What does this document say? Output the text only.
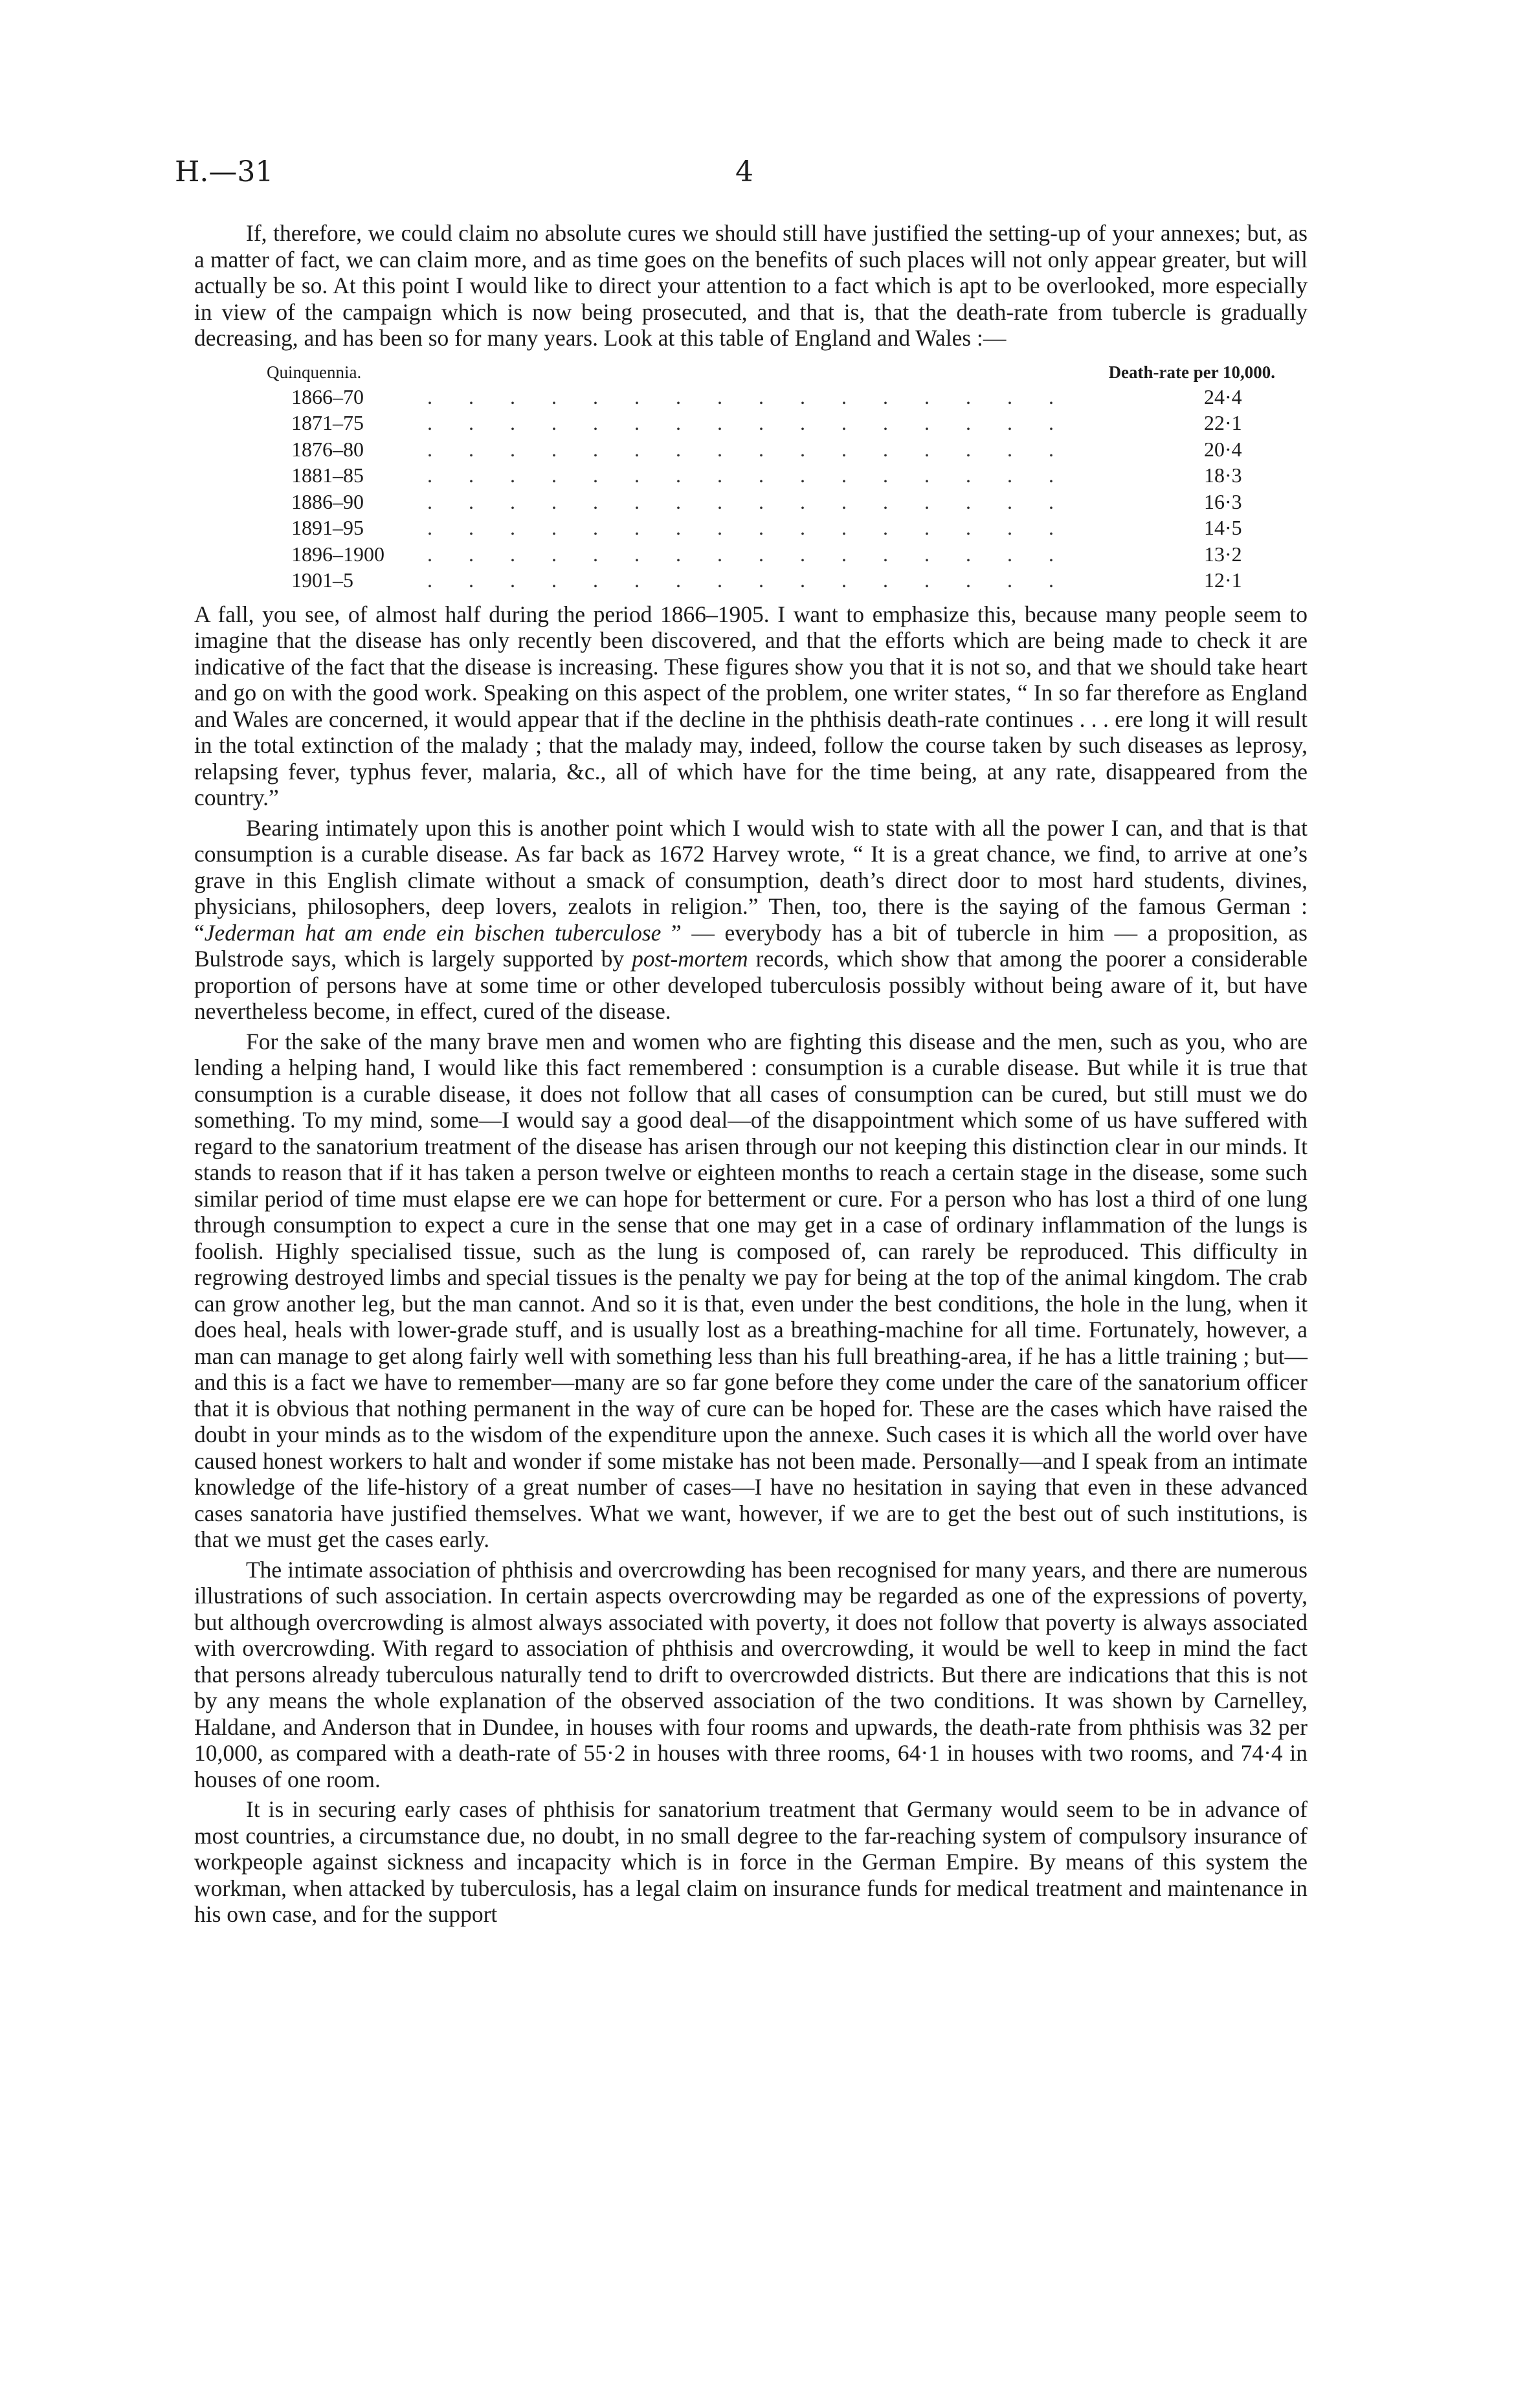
H.—31	4

If, therefore, we could claim no absolute cures we should still have justified the setting-up of your annexes; but, as a matter of fact, we can claim more, and as time goes on the benefits of such places will not only appear greater, but will actually be so. At this point I would like to direct your attention to a fact which is apt to be overlooked, more especially in view of the campaign which is now being prosecuted, and that is, that the death-rate from tubercle is gradually decreasing, and has been so for many years. Look at this table of England and Wales :—

Quinquennia.	Death-rate per 10,000.
1866–70	. . . . . . . . . . . . . . . .	24·4
1871–75	. . . . . . . . . . . . . . . .	22·1
1876–80	. . . . . . . . . . . . . . . .	20·4
1881–85	. . . . . . . . . . . . . . . .	18·3
1886–90	. . . . . . . . . . . . . . . .	16·3
1891–95	. . . . . . . . . . . . . . . .	14·5
1896–1900 . . . . . . . . . . . . . . . .	13·2
1901–5	. . . . . . . . . . . . . . . .	12·1

A fall, you see, of almost half during the period 1866–1905. I want to emphasize this, because many people seem to imagine that the disease has only recently been discovered, and that the efforts which are being made to check it are indicative of the fact that the disease is increasing. These figures show you that it is not so, and that we should take heart and go on with the good work. Speaking on this aspect of the problem, one writer states, “ In so far therefore as England and Wales are concerned, it would appear that if the decline in the phthisis death-rate continues . . . ere long it will result in the total extinction of the malady ; that the malady may, indeed, follow the course taken by such diseases as leprosy, relapsing fever, typhus fever, malaria, &c., all of which have for the time being, at any rate, disappeared from the country.”

Bearing intimately upon this is another point which I would wish to state with all the power I can, and that is that consumption is a curable disease. As far back as 1672 Harvey wrote, “ It is a great chance, we find, to arrive at one’s grave in this English climate without a smack of consumption, death’s direct door to most hard students, divines, physicians, philosophers, deep lovers, zealots in religion.” Then, too, there is the saying of the famous German : “Jederman hat am ende ein bischen tuberculose ” — everybody has a bit of tubercle in him — a proposition, as Bulstrode says, which is largely supported by post-mortem records, which show that among the poorer a considerable proportion of persons have at some time or other developed tuberculosis possibly without being aware of it, but have nevertheless become, in effect, cured of the disease.

For the sake of the many brave men and women who are fighting this disease and the men, such as you, who are lending a helping hand, I would like this fact remembered : consumption is a curable disease. But while it is true that consumption is a curable disease, it does not follow that all cases of consumption can be cured, but still must we do something. To my mind, some—I would say a good deal—of the disappointment which some of us have suffered with regard to the sanatorium treatment of the disease has arisen through our not keeping this distinction clear in our minds. It stands to reason that if it has taken a person twelve or eighteen months to reach a certain stage in the disease, some such similar period of time must elapse ere we can hope for betterment or cure. For a person who has lost a third of one lung through consumption to expect a cure in the sense that one may get in a case of ordinary inflammation of the lungs is foolish. Highly specialised tissue, such as the lung is composed of, can rarely be reproduced. This difficulty in regrowing destroyed limbs and special tissues is the penalty we pay for being at the top of the animal kingdom. The crab can grow another leg, but the man cannot. And so it is that, even under the best conditions, the hole in the lung, when it does heal, heals with lower-grade stuff, and is usually lost as a breathing-machine for all time. Fortunately, however, a man can manage to get along fairly well with something less than his full breathing-area, if he has a little training ; but—and this is a fact we have to remember—many are so far gone before they come under the care of the sanatorium officer that it is obvious that nothing permanent in the way of cure can be hoped for. These are the cases which have raised the doubt in your minds as to the wisdom of the expenditure upon the annexe. Such cases it is which all the world over have caused honest workers to halt and wonder if some mistake has not been made. Personally—and I speak from an intimate knowledge of the life-history of a great number of cases—I have no hesitation in saying that even in these advanced cases sanatoria have justified themselves. What we want, however, if we are to get the best out of such institutions, is that we must get the cases early.

The intimate association of phthisis and overcrowding has been recognised for many years, and there are numerous illustrations of such association. In certain aspects overcrowding may be regarded as one of the expressions of poverty, but although overcrowding is almost always associated with poverty, it does not follow that poverty is always associated with overcrowding. With regard to association of phthisis and overcrowding, it would be well to keep in mind the fact that persons already tuberculous naturally tend to drift to overcrowded districts. But there are indications that this is not by any means the whole explanation of the observed association of the two conditions. It was shown by Carnelley, Haldane, and Anderson that in Dundee, in houses with four rooms and upwards, the death-rate from phthisis was 32 per 10,000, as compared with a death-rate of 55·2 in houses with three rooms, 64·1 in houses with two rooms, and 74·4 in houses of one room.

It is in securing early cases of phthisis for sanatorium treatment that Germany would seem to be in advance of most countries, a circumstance due, no doubt, in no small degree to the far-reaching system of compulsory insurance of workpeople against sickness and incapacity which is in force in the German Empire. By means of this system the workman, when attacked by tuberculosis, has a legal claim on insurance funds for medical treatment and maintenance in his own case, and for the support
